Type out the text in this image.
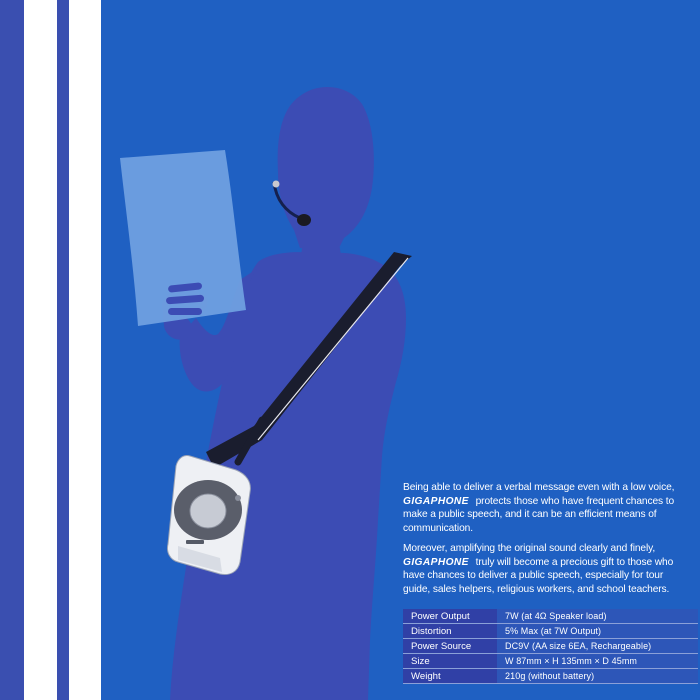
Being able to deliver a verbal message even with a low voice, GIGAPHONE protects those who have frequent chances to make a public speech, and it can be an efficient means of communication.
Moreover, amplifying the original sound clearly and finely, GIGAPHONE truly will become a precious gift to those who have chances to deliver a public speech, especially for tour guide, sales helpers, religious workers, and school teachers.
Power Output	7W (at 4Ω Speaker load)
Distortion	5% Max (at 7W Output)
Power Source	DC9V (AA size 6EA, Rechargeable)
Size	W 87mm × H 135mm × D 45mm
Weight	210g (without battery)
